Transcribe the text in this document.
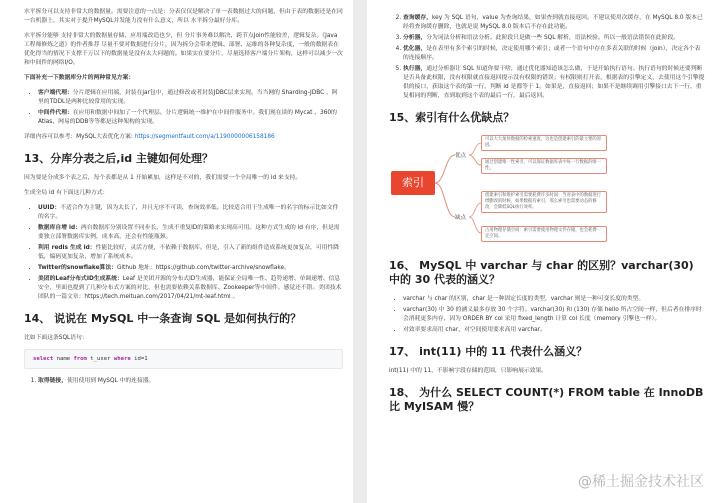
水平拆分可以支持非常大的数据量。需要注意的一点是：分表仅仅是解决了单一表数据过大的问题，但由于表的数据还是在同一台机器上，其实对于提升MySQL并发能力没有什么意义，所以 水平拆分最好分库。

水平拆分能够 支持非常大的数据量存储，应用端改造也少，但 分片事务难以解决，跨节点Join性能较差，逻辑复杂。《Java工程师修炼之道》的作者推荐 尽量不要对数据进行分片，因为拆分会带来逻辑、部署、运维的各种复杂度，一般的数据表在优化得当的情况下支撑千万以下的数据量是没有太大问题的。如果实在要分片，尽量选择客户端分片架构，这样可以减少一次和中间件的网络I/O。

下面补充一下数据库分片的两种常见方案：

• 客户端代理：分片逻辑在应用端，封装在jar包中，通过修改或者封装JDBC层来实现。当当网的 Sharding-JDBC 、阿里的TDDL是两种比较常用的实现。
• 中间件代理：在应用和数据中间加了一个代理层。分片逻辑统一维护在中间件服务中。我们现在谈的 Mycat 、360的Atlas、网易的DDB等等都是这种架构的实现。

详细内容可以参考：MySQL大表优化方案: https://segmentfault.com/a/1190000006158186

13、分库分表之后,id 主键如何处理？

因为要是分成多个表之后，每个表都是从 1 开始累加，这样是不对的，我们需要一个全局唯一的 id 来支持。

生成全局 id 有下面这几种方式：

• UUID：不适合作为主键，因为太长了，并且无序不可读，查询效率低。比较适合用于生成唯一的名字的标示比如文件的名字。
• 数据库自增 id：两台数据库分别设置不同步长，生成不重复ID的策略来实现高可用。这种方式生成的 id 有序，但是需要独立部署数据库实例，成本高，还会有性能瓶颈。
• 利用 redis 生成 id：性能比较好，灵活方便，不依赖于数据库。但是，引入了新的组件造成系统更加复杂，可用性降低，编码更加复杂，增加了系统成本。
• Twitter的snowflake算法：Github 地址：https://github.com/twitter-archive/snowflake。
• 美团的Leaf分布式ID生成系统：Leaf 是美团开源的分布式ID生成器，能保证全局唯一性、趋势递增、单调递增、信息安全，里面也提到了几种分布式方案的对比，但也需要依赖关系数据库、Zookeeper等中间件。感觉还不错。美团技术团队的一篇文章：https://tech.meituan.com/2017/04/21/mt-leaf.html 。
14、 说说在 MySQL 中一条查询 SQL 是如何执行的？

比如下面这条SQL语句：

select name from t_user where id=1
1. 取得链接，使用使用到 MySQL 中的连接器。
2. 查询缓存，key 为 SQL 语句，value 为查询结果，如果查到就直接返回。不建议使用次缓存，在 MySQL 8.0 版本已经将查询缓存删除，也就是说 MySQL 8.0 版本后不存在此功能。
3. 分析器，分为词法分析和语法分析。此阶段只是做一些 SQL 解析，语法校验。所以一般语法错误在此阶段。
4. 优化器，是在表里有多个索引的时候，决定使用哪个索引；或者一个语句中存在多表关联的时候（join），决定各个表的连接顺序。
5. 执行器，通过分析器让 SQL 知道你要干啥，通过优化器知道该怎么做，于是开始执行语句。执行语句的时候还要判断是否具备此权限，没有权限就直接返回提示没有权限的错误；有权限则打开表，根据表的引擎定义，去使用这个引擎提供的接口，获取这个表的第一行，判断 id 是都等于 1。如果是，直接返回；如果不是继续调用引擎接口去下一行，重复相同的判断，直到取到这个表的最后一行，最后返回。
15、索引有什么优缺点？
索引
优点
缺点
可以大大加快数据的检索速度，这也是创建索引的最主要的原因。
通过创建唯一性索引，可以保证数据库表中每一行数据的唯一性。
创建索引和维护索引需要耗费许多时间：当对表中的数据进行增删改的时候，如果数据有索引，那么索引也需要动态的修改，会降低SQL执行效率。
占用物理存储空间：索引需要使用物理文件存储，也会耗费一定空间。
16、 MySQL 中 varchar 与 char 的区别？varchar(30) 中的 30 代表的涵义？
• varchar 与 char 的区别，char 是一种固定长度的类型，varchar 则是一种可变长度的类型。
• varchar(30) 中 30 的涵义最多存放 30 个字符。varchar(30) 和 (130) 存储 hello 所占空间一样，但后者在排序时会消耗更多内存，因为 ORDER BY col 采用 fixed_length 计算 col 长度（memory 引擎也一样）。
• 对效率要求高用 char，对空间使用要求高用 varchar。
17、 int(11) 中的 11 代表什么涵义？

int(11) 中的 11，不影响字段存储的范围，只影响展示效果。

18、 为什么 SELECT COUNT(*) FROM table 在 InnoDB 比 MyISAM 慢？
@稀土掘金技术社区
